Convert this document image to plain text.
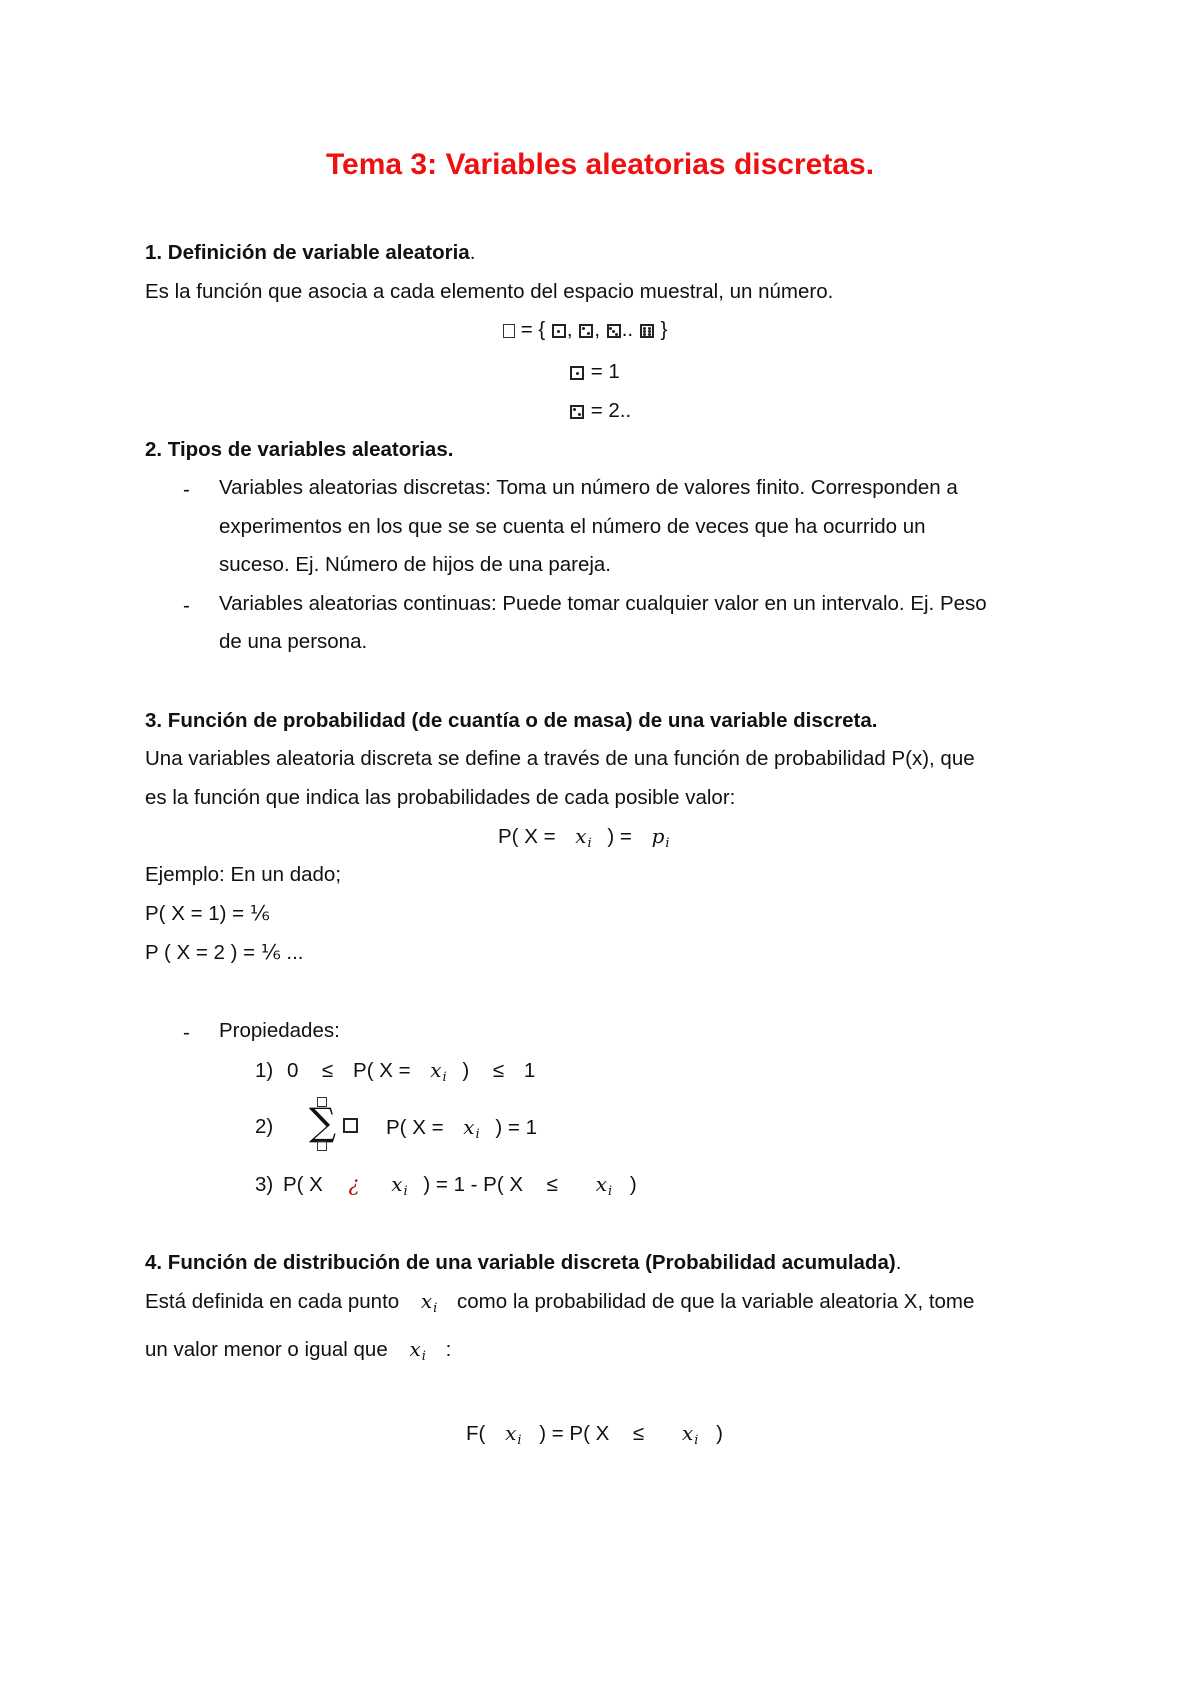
Tema 3: Variables aleatorias discretas.
1. Definición de variable aleatoria.
Es la función que asocia a cada elemento del espacio muestral, un número.
= { , , .. }
= 1
= 2..
2. Tipos de variables aleatorias.
- Variables aleatorias discretas: Toma un número de valores finito. Corresponden a
experimentos en los que se se cuenta el número de veces que ha ocurrido un
suceso. Ej. Número de hijos de una pareja.
- Variables aleatorias continuas: Puede tomar cualquier valor en un intervalo. Ej. Peso
de una persona.
3. Función de probabilidad (de cuantía o de masa) de una variable discreta.
Una variables aleatoria discreta se define a través de una función de probabilidad P(x), que
es la función que indica las probabilidades de cada posible valor:
P( $X = x_i$ ) = $p_i$
Ejemplo: En un dado;
P( X = 1) = ⅙
P ( X = 2 ) = ⅙ ...
- Propiedades:
1) 0 ≤ P( $X = x_i$ ) ≤ 1
2) ∑ P( $X = x_i$ ) = 1
3) P( X ¿ $x_i$ ) = 1 - P( $X \le x_i$ )
4. Función de distribución de una variable discreta (Probabilidad acumulada).
Está definida en cada punto $x_i$ como la probabilidad de que la variable aleatoria X, tome
un valor menor o igual que $x_i$ :
F( $x_i$ ) = P( $X \le x_i$ )
